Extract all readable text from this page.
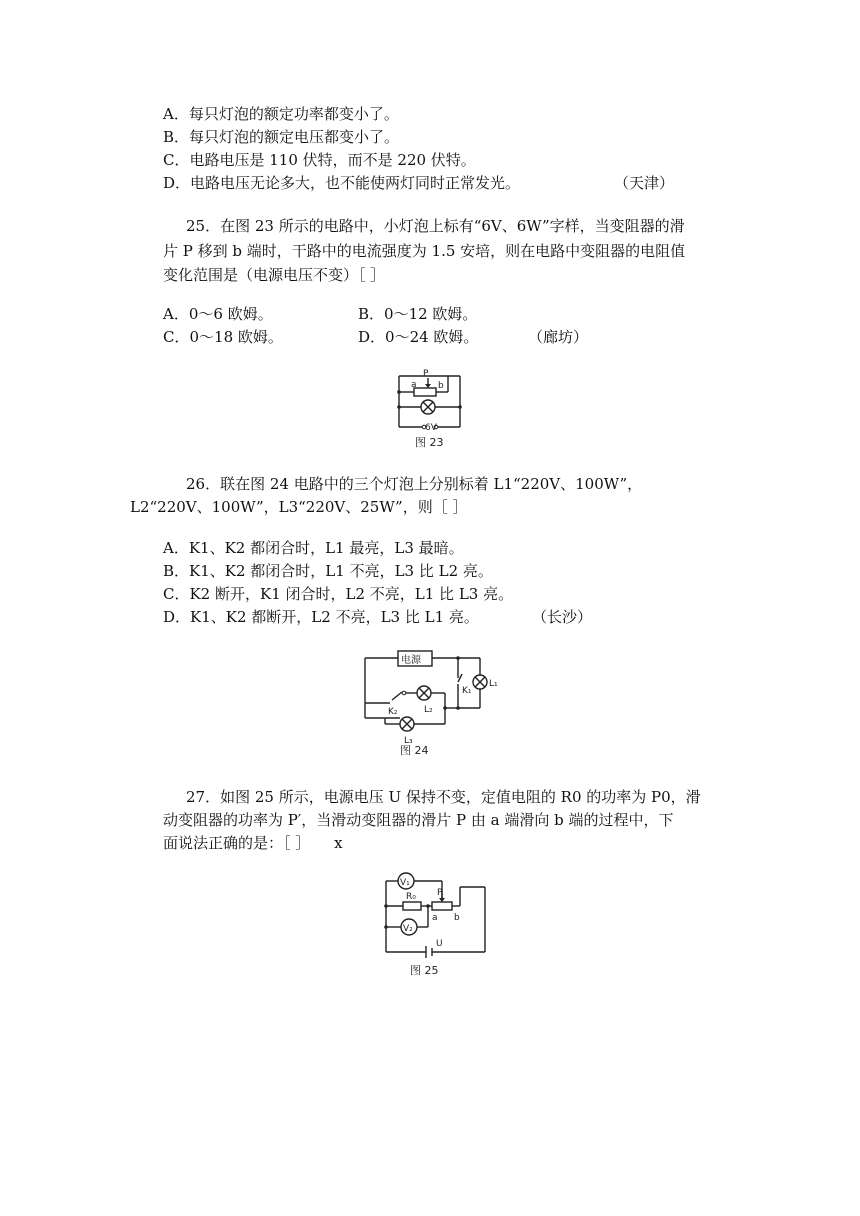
A．每只灯泡的额定功率都变小了。
B．每只灯泡的额定电压都变小了。
C．电路电压是 110 伏特，而不是 220 伏特。
D．电路电压无论多大，也不能使两灯同时正常发光。	（天津）
25．在图 23 所示的电路中，小灯泡上标有“6V、6W”字样，当变阻器的滑
片 P 移到 b 端时，干路中的电流强度为 1.5 安培，则在电路中变阻器的电阻值
变化范围是（电源电压不变）［ ］
A．0～6 欧姆。	B．0～12 欧姆。
C．0～18 欧姆。	D．0～24 欧姆。	（廊坊）
P
a b
6V
图 23
26．联在图 24 电路中的三个灯泡上分别标着 L1“220V、100W”，
L2“220V、100W”，L3“220V、25W”，则［ ］
A．K1、K2 都闭合时，L1 最亮，L3 最暗。
B．K1、K2 都闭合时，L1 不亮，L3 比 L2 亮。
C．K2 断开，K1 闭合时，L2 不亮，L1 比 L3 亮。
D．K1、K2 都断开，L2 不亮，L3 比 L1 亮。	（长沙）
电源
K₁
L₁
K₂	L₂
L₃
图 24
27．如图 25 所示，电源电压 U 保持不变，定值电阻的 R0 的功率为 P0，滑
动变阻器的功率为 P′，当滑动变阻器的滑片 P 由 a 端滑向 b 端的过程中，下
面说法正确的是：［ ］     x
V₁
V₂
R₀ P
a b
U
图 25
